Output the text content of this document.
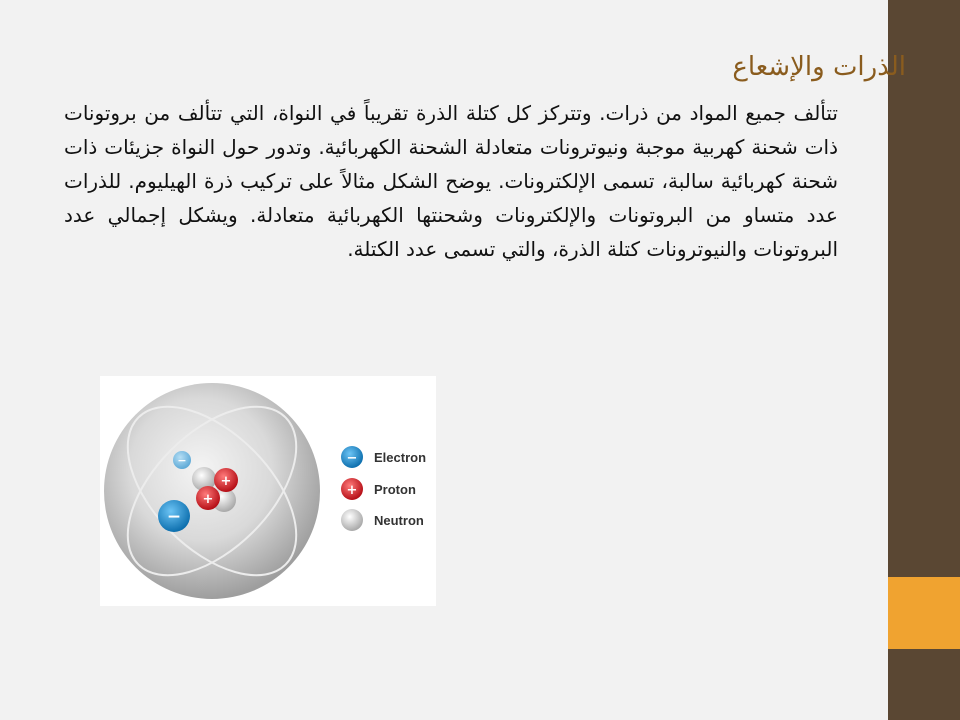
الذرات والإشعاع
تتألف جميع المواد من ذرات. وتتركز كل كتلة الذرة تقريباً في النواة، التي تتألف من بروتونات ذات شحنة كهربية موجبة ونيوترونات متعادلة الشحنة الكهربائية. وتدور حول النواة جزيئات ذات شحنة كهربائية سالبة، تسمى الإلكترونات. يوضح الشكل مثالاً على تركيب ذرة الهيليوم. للذرات عدد متساو من البروتونات والإلكترونات وشحنتها الكهربائية متعادلة. ويشكل إجمالي عدد البروتونات والنيوترونات كتلة الذرة، والتي تسمى عدد الكتلة.
−
+
+
−
− Electron
+ Proton
Neutron
